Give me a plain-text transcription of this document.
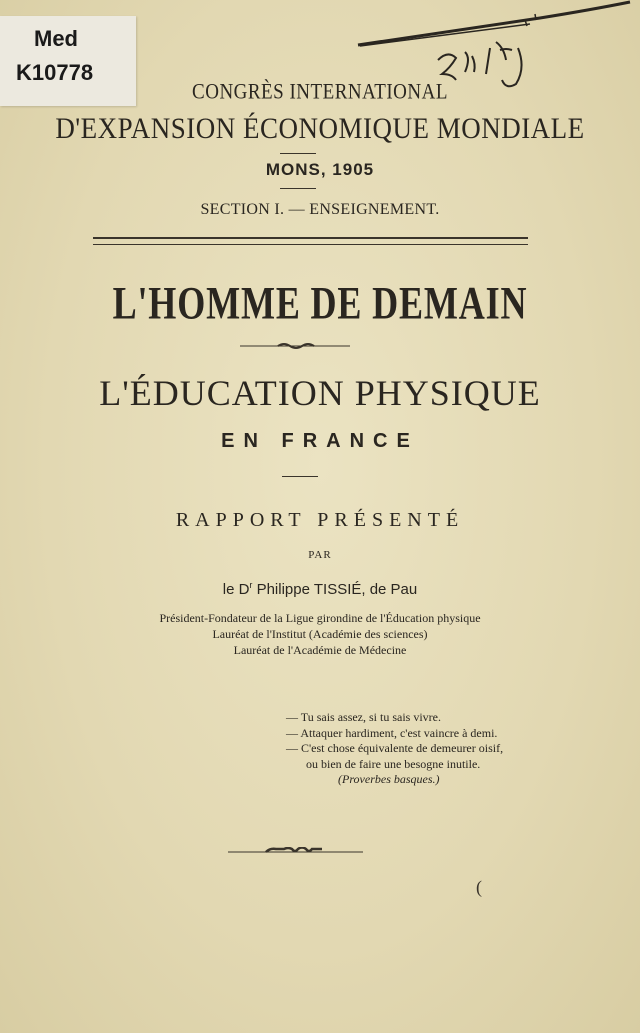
Med
K10778
CONGRÈS INTERNATIONAL
D'EXPANSION ÉCONOMIQUE MONDIALE
MONS, 1905
SECTION I. — ENSEIGNEMENT.
L'HOMME DE DEMAIN
L'ÉDUCATION PHYSIQUE
EN FRANCE
RAPPORT PRÉSENTÉ
PAR
le $D^r$ Philippe TISSIÉ, de Pau
Président-Fondateur de la Ligue girondine de l'Éducation physique
Lauréat de l'Institut (Académie des sciences)
Lauréat de l'Académie de Médecine
— Tu sais assez, si tu sais vivre.
— Attaquer hardiment, c'est vaincre à demi.
— C'est chose équivalente de demeurer oisif,
ou bien de faire une besogne inutile.
(Proverbes basques.)
(
